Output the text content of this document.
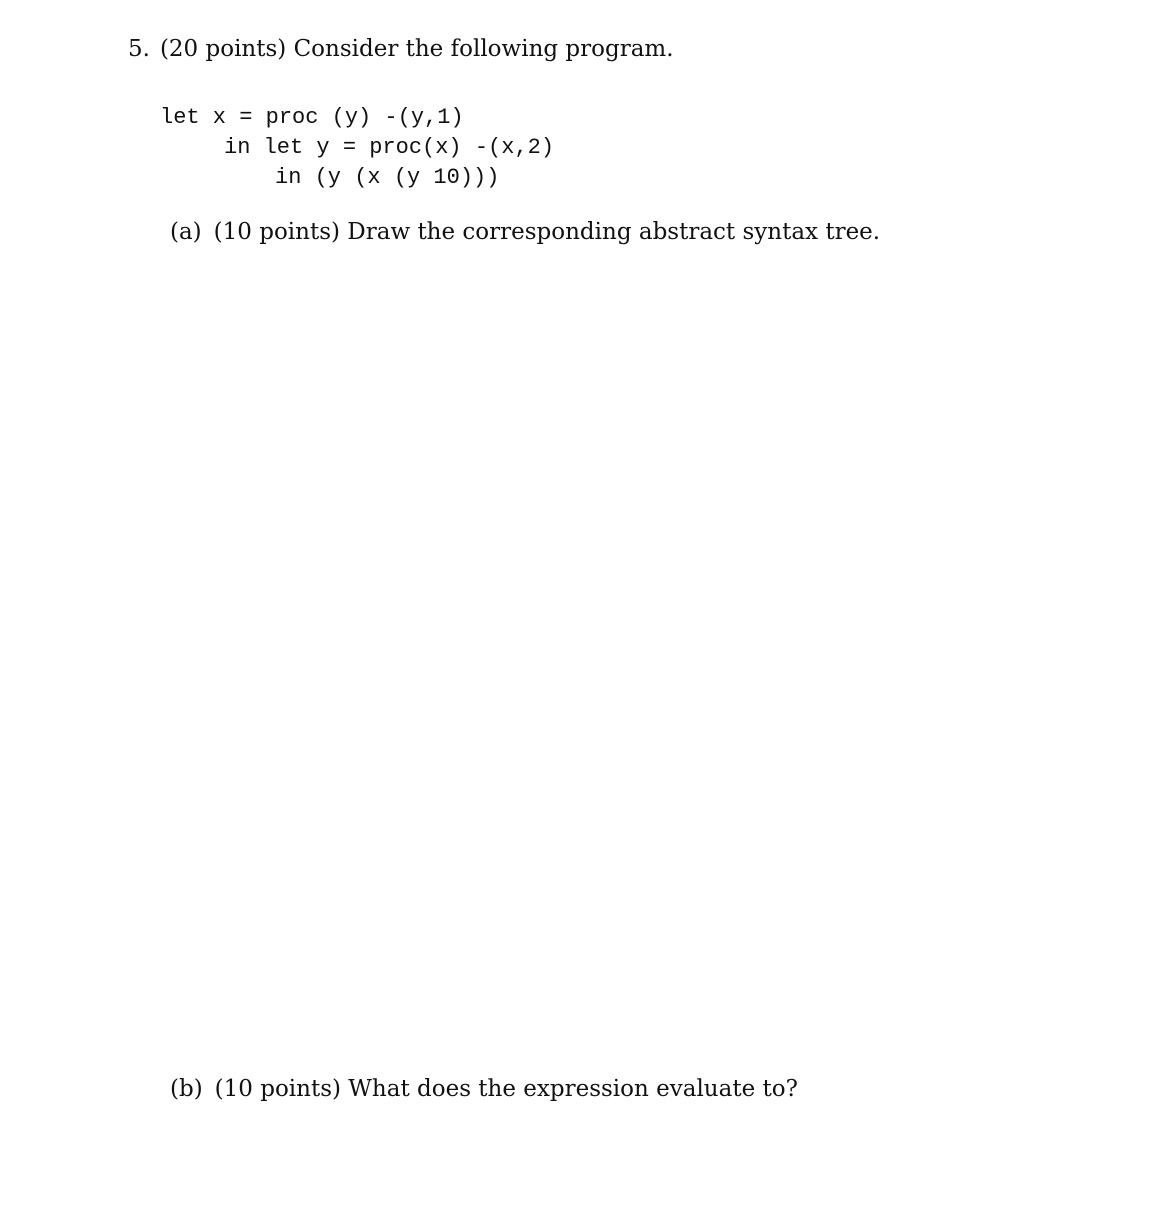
5. (20 points) Consider the following program.
let x = proc (y) -(y,1)
in let y = proc(x) -(x,2)
in (y (x (y 10)))
(a) (10 points) Draw the corresponding abstract syntax tree.
(b) (10 points) What does the expression evaluate to?
